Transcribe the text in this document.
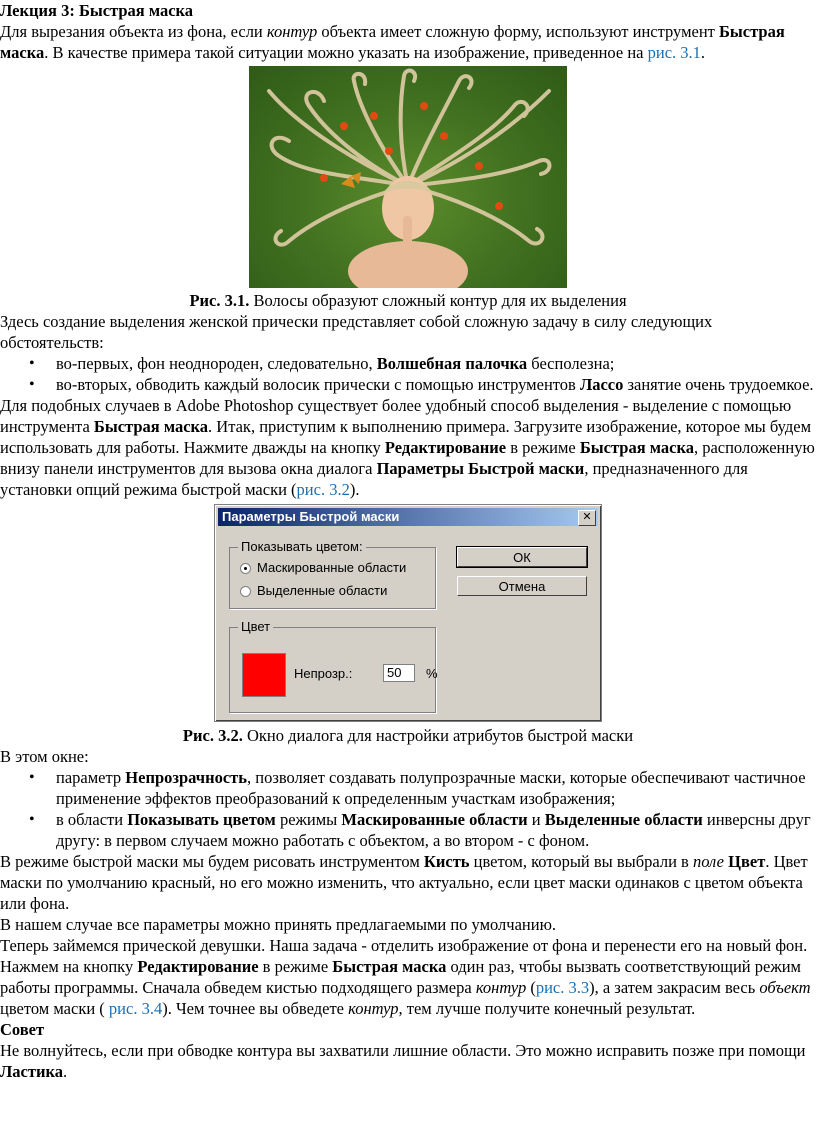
Лекция 3: Быстрая маска

Для вырезания объекта из фона, если контур объекта имеет сложную форму, используют инструмент Быстрая маска. В качестве примера такой ситуации можно указать на изображение, приведенное на рис. 3.1.

Рис. 3.1. Волосы образуют сложный контур для их выделения

Здесь создание выделения женской прически представляет собой сложную задачу в силу следующих обстоятельств:

• во-первых, фон неоднороден, следовательно, Волшебная палочка бесполезна;
• во-вторых, обводить каждый волосик прически с помощью инструментов Лассо занятие очень трудоемкое.

Для подобных случаев в Adobe Photoshop существует более удобный способ выделения - выделение с помощью инструмента Быстрая маска. Итак, приступим к выполнению примера. Загрузите изображение, которое мы будем использовать для работы. Нажмите дважды на кнопку Редактирование в режиме Быстрая маска, расположенную внизу панели инструментов для вызова окна диалога Параметры Быстрой маски, предназначенного для установки опций режима быстрой маски (рис. 3.2).

Параметры Быстрой маски	✕
Показывать цветом:
Маскированные области
Выделенные области
Цвет
Непрозр.:	50	%
ОК
Отмена

Рис. 3.2. Окно диалога для настройки атрибутов быстрой маски

В этом окне:

• параметр Непрозрачность, позволяет создавать полупрозрачные маски, которые обеспечивают частичное применение эффектов преобразований к определенным участкам изображения;
• в области Показывать цветом режимы Маскированные области и Выделенные области инверсны друг другу: в первом случаем можно работать с объектом, а во втором - с фоном.

В режиме быстрой маски мы будем рисовать инструментом Кисть цветом, который вы выбрали в поле Цвет. Цвет маски по умолчанию красный, но его можно изменить, что актуально, если цвет маски одинаков с цветом объекта или фона.

В нашем случае все параметры можно принять предлагаемыми по умолчанию.

Теперь займемся прической девушки. Наша задача - отделить изображение от фона и перенести его на новый фон. Нажмем на кнопку Редактирование в режиме Быстрая маска один раз, чтобы вызвать соответствующий режим работы программы. Сначала обведем кистью подходящего размера контур (рис. 3.3), а затем закрасим весь объект цветом маски ( рис. 3.4). Чем точнее вы обведете контур, тем лучше получите конечный результат.

Совет

Не волнуйтесь, если при обводке контура вы захватили лишние области. Это можно исправить позже при помощи Ластика.
